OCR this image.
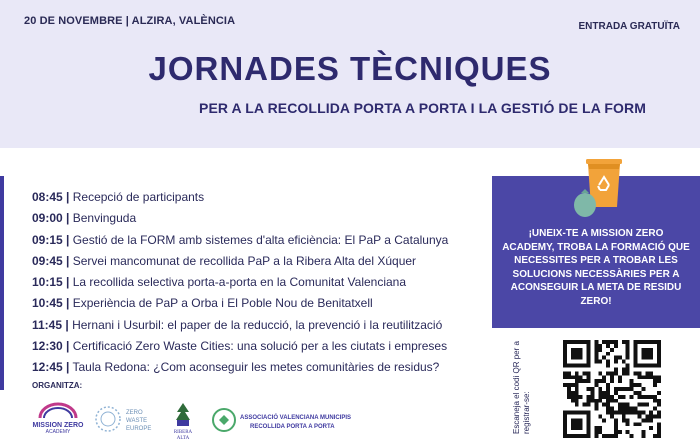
20 DE NOVEMBRE | ALZIRA, VALÈNCIA	ENTRADA GRATUÏTA
JORNADES TÈCNIQUES
PER A LA RECOLLIDA PORTA A PORTA I LA GESTIÓ DE LA FORM
08:45 | Recepció de participants
09:00 | Benvinguda
09:15 | Gestió de la FORM amb sistemes d'alta eficiència: El PaP a Catalunya
09:45 | Servei mancomunat de recollida PaP a la Ribera Alta del Xúquer
10:15 | La recollida selectiva porta-a-porta en la Comunitat Valenciana
10:45 | Experiència de PaP a Orba i El Poble Nou de Benitatxell
11:45 | Hernani i Usurbil: el paper de la reducció, la prevenció i la reutilització
12:30 | Certificació Zero Waste Cities: una solució per a les ciutats i empreses
12:45 | Taula Redona: ¿Com aconseguir les metes comunitàries de residus?
ORGANITZA:
MISSION ZERO
ACADEMY
ZERO
WASTE
EUROPE
RIBERA
ALTA
ASSOCIACIÓ VALENCIANA MUNICIPIS
RECOLLIDA PORTA A PORTA
¡UNEIX-TE A MISSION ZERO ACADEMY, TROBA LA FORMACIÓ QUE NECESSITES PER A TROBAR LES SOLUCIONS NECESSÀRIES PER A ACONSEGUIR LA META DE RESIDU ZERO!
Escaneja el codi QR per a registrar-se:
